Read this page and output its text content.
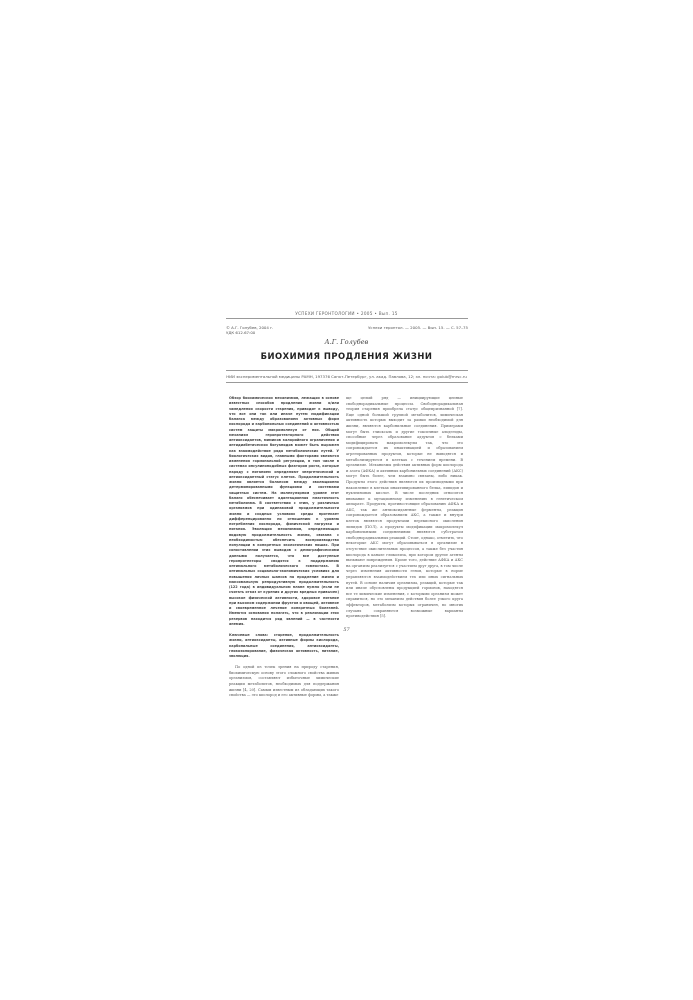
УСПЕХИ ГЕРОНТОЛОГИИ • 2005 • Вып. 15
© А.Г. Голубев, 2004 г.
УДК 612.67:00
Успехи геронтол. — 2005. — Вып. 15. — С. 57–75
А.Г. Голубев
БИОХИМИЯ ПРОДЛЕНИЯ ЖИЗНИ
НИИ экспериментальной медицины РАМН, 197376 Санкт-Петербург, ул. акад. Павлова, 12; эл. почта: golub@mrsc.ru

Обзор биохимических механизмов, лежащих в основе известных способов продления жизни и/или замедления скорости старения, приводит к выводу, что все они так или иначе путем модификации баланса между образованием активных форм кислорода и карбонильных соединений и активностью систем защиты макромолекул от них. Общий механизм геропротекторного действия антиоксидантов, мимиков калорийного ограничения и антидиабетических бигуанидов может быть выражен как взаимодействие ряда метаболических путей. У биологических видов, главными факторами являются изменения гормональной регуляции, в том числе в системах инсулиноподобных факторов роста, которые наряду с питанием определяют энергетический и антиоксидантный статус клеток. Продолжительность жизни является балансом между эволюционно детерминированными функциями и системами защитных систем. На молекулярном уровне этот баланс обеспечивает адаптационная пластичность метаболизма. В соответствии с этим, у различных организмов при одинаковой продолжительности жизни и сходных условиях среды протекает дифференцированно по отношению к уровню потребления кислорода, физической нагрузки и питания. Эволюция механизмов, определяющих видовую продолжительность жизни, связана с необходимостью обеспечить воспроизводство популяции в конкретных экологических нишах. При сопоставлении этих выводов с демографическими данными получается, что все доступные геропротекторы сводятся к поддержанию оптимального метаболического гомеостаза. В оптимальных социально-экономических условиях для повышения личных шансов на продление жизни и максимальную репродуктивную продолжительность (122 года) в индивидуальном плане нужно (если не считать отказ от курения и других вредных привычек) высокое физической активности, здоровое питание при высоком содержании фруктов и овощей, активное и своевременное лечение конкретных болезней. Имеются основания полагать, что в реализации этих резервов находится ряд явлений — в частности анемия.

Ключевые слова: старение, продолжительность жизни, антиоксиданты, активные формы кислорода, карбонильные соединения, антиоксиданты, гликозилирование, физическая активность, питание, эволюция.

По одной из точек зрения на природу старения, биохимическую основу этого сложного свойства живых организмов, составляют избыточные химические реакции метаболитов, необходимых для поддержания жизни [4, 20]. Самым известным из обладающих такого свойства — это кислород и его активные формы, а также

ще целый ряд — инициирующие цепные свободнорадикальные процессы. Свободнорадикальная теория старения приобрела статус общепризнанной [7]. Еще одной большой группой метаболитов, химическая активность которых выходит за рамки необходимой для жизни, являются карбонильные соединения. Примерами могут быть глиоксаль и другие токсичные альдегиды, способные через образование аддуктов с белками модифицировать макромолекулы так, что это сопровождается их инактивацией и образованием агрегированных продуктов, которые не выводятся и метаболизируются в клетках с течением времени. В организме. Механизмы действия активных форм кислорода и азота (АФКА) и активных карбонильных соединений (АКС) могут быть более, чем взаимно связаны, либо никак. Продукты этого действия являются их производными при накопление в клетках инактивированного белка, липидов и нуклеиновых кислот. В числе последних относится внимание к мутационному изменению в генетическом аппарате. Продукты, противостоящие образованию АФКА и АКС, так же антиоксидантные ферменты, реакция сопровождается образованием АКС, а также и внутри клеток являются продуктами перекисного окисления липидов (ПОЛ), а продукты модификации макромолекул карбонильными соединениями являются субстратом свободнорадикальных реакций. Стоит, однако, отметить, что некоторые АКС могут образовываться в организме в отсутствие окислительных процессов, а также без участия кислорода в канале гликолиза, при котором другие агенты вызывают повреждения. Кроме того, действие АФКА и АКС на организм реализуется с участием друг друга, в том числе через изменения активности генов, которые в норме управляются взаимодействием тех или иных сигнальных путей. В основе наличия организма, реакций, которые так или иначе обусловлены продукцией гормонов, находятся все те химические изменения, с которыми организм может справиться, но это механизм действия более узкого круга эффекторов, метаболизм которых ограничен, во многих случаях сохраняются возможные варианты противодействия [5].

57
